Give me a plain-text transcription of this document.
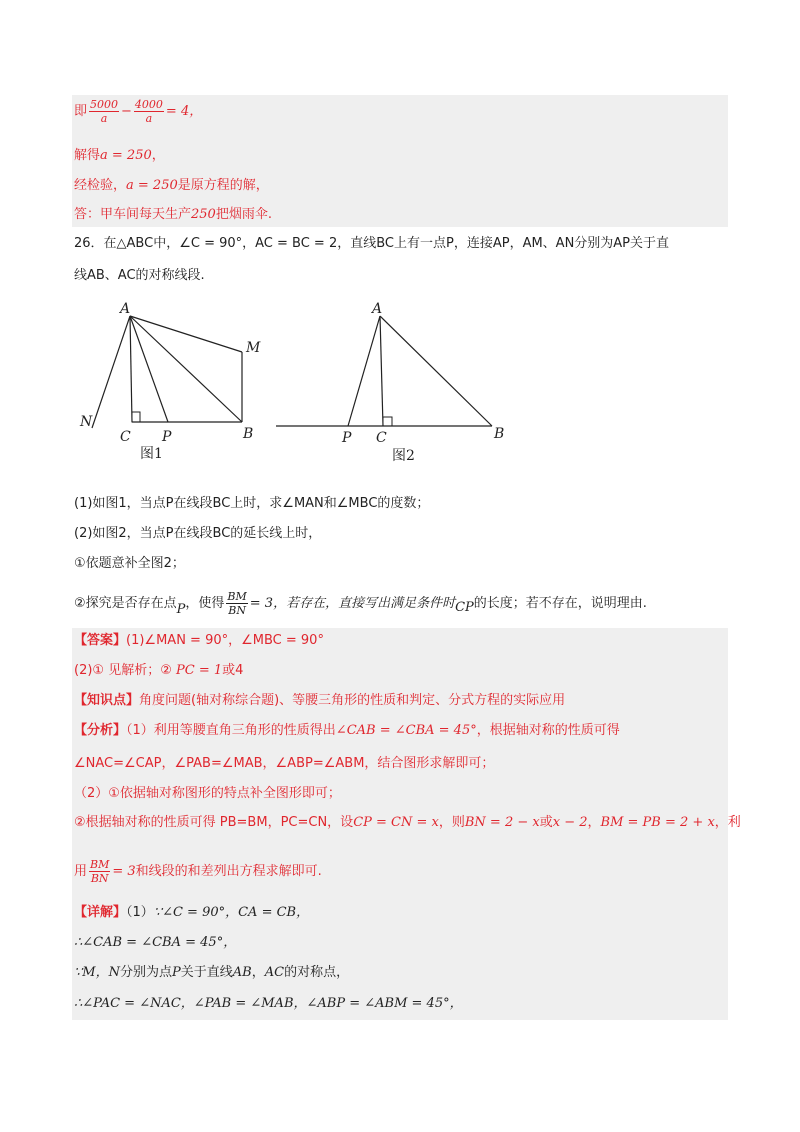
即 $\frac{5000}{a} - \frac{4000}{a} = 4$，
解得a = 250，
经检验，a = 250是原方程的解，
答：甲车间每天生产250把烟雨伞.
26．在△ABC中，∠C = 90°，AC = BC = 2，直线BC上有一点P，连接AP，AM、AN分别为AP关于直
线AB、AC的对称线段.
A
M
N
C P	B
图1
A
P C	B
图2
(1)如图1，当点P在线段BC上时，求∠MAN和∠MBC的度数；
(2)如图2，当点P在线段BC的延长线上时，
①依题意补全图2；
②探究是否存在点P，使得 $\frac{BM}{BN} = 3$，若存在，直接写出满足条件时CP的长度；若不存在，说明理由.
【答案】(1)∠MAN = 90°，∠MBC = 90°
(2)① 见解析；② PC = 1或4
【知识点】角度问题(轴对称综合题)、等腰三角形的性质和判定、分式方程的实际应用
【分析】（1）利用等腰直角三角形的性质得出∠CAB = ∠CBA = 45°，根据轴对称的性质可得
∠NAC=∠CAP，∠PAB=∠MAB，∠ABP=∠ABM，结合图形求解即可；
（2）①依据轴对称图形的特点补全图形即可；
②根据轴对称的性质可得 PB=BM，PC=CN，设CP = CN = x，则BN = 2 − x或x − 2，BM = PB = 2 + x，利
用 $\frac{BM}{BN} = 3$和线段的和差列出方程求解即可.
【详解】（1）∵∠C = 90°，CA = CB，
∴∠CAB = ∠CBA = 45°，
∵M，N分别为点P关于直线AB，AC的对称点，
∴∠PAC = ∠NAC，∠PAB = ∠MAB，∠ABP = ∠ABM = 45°，
